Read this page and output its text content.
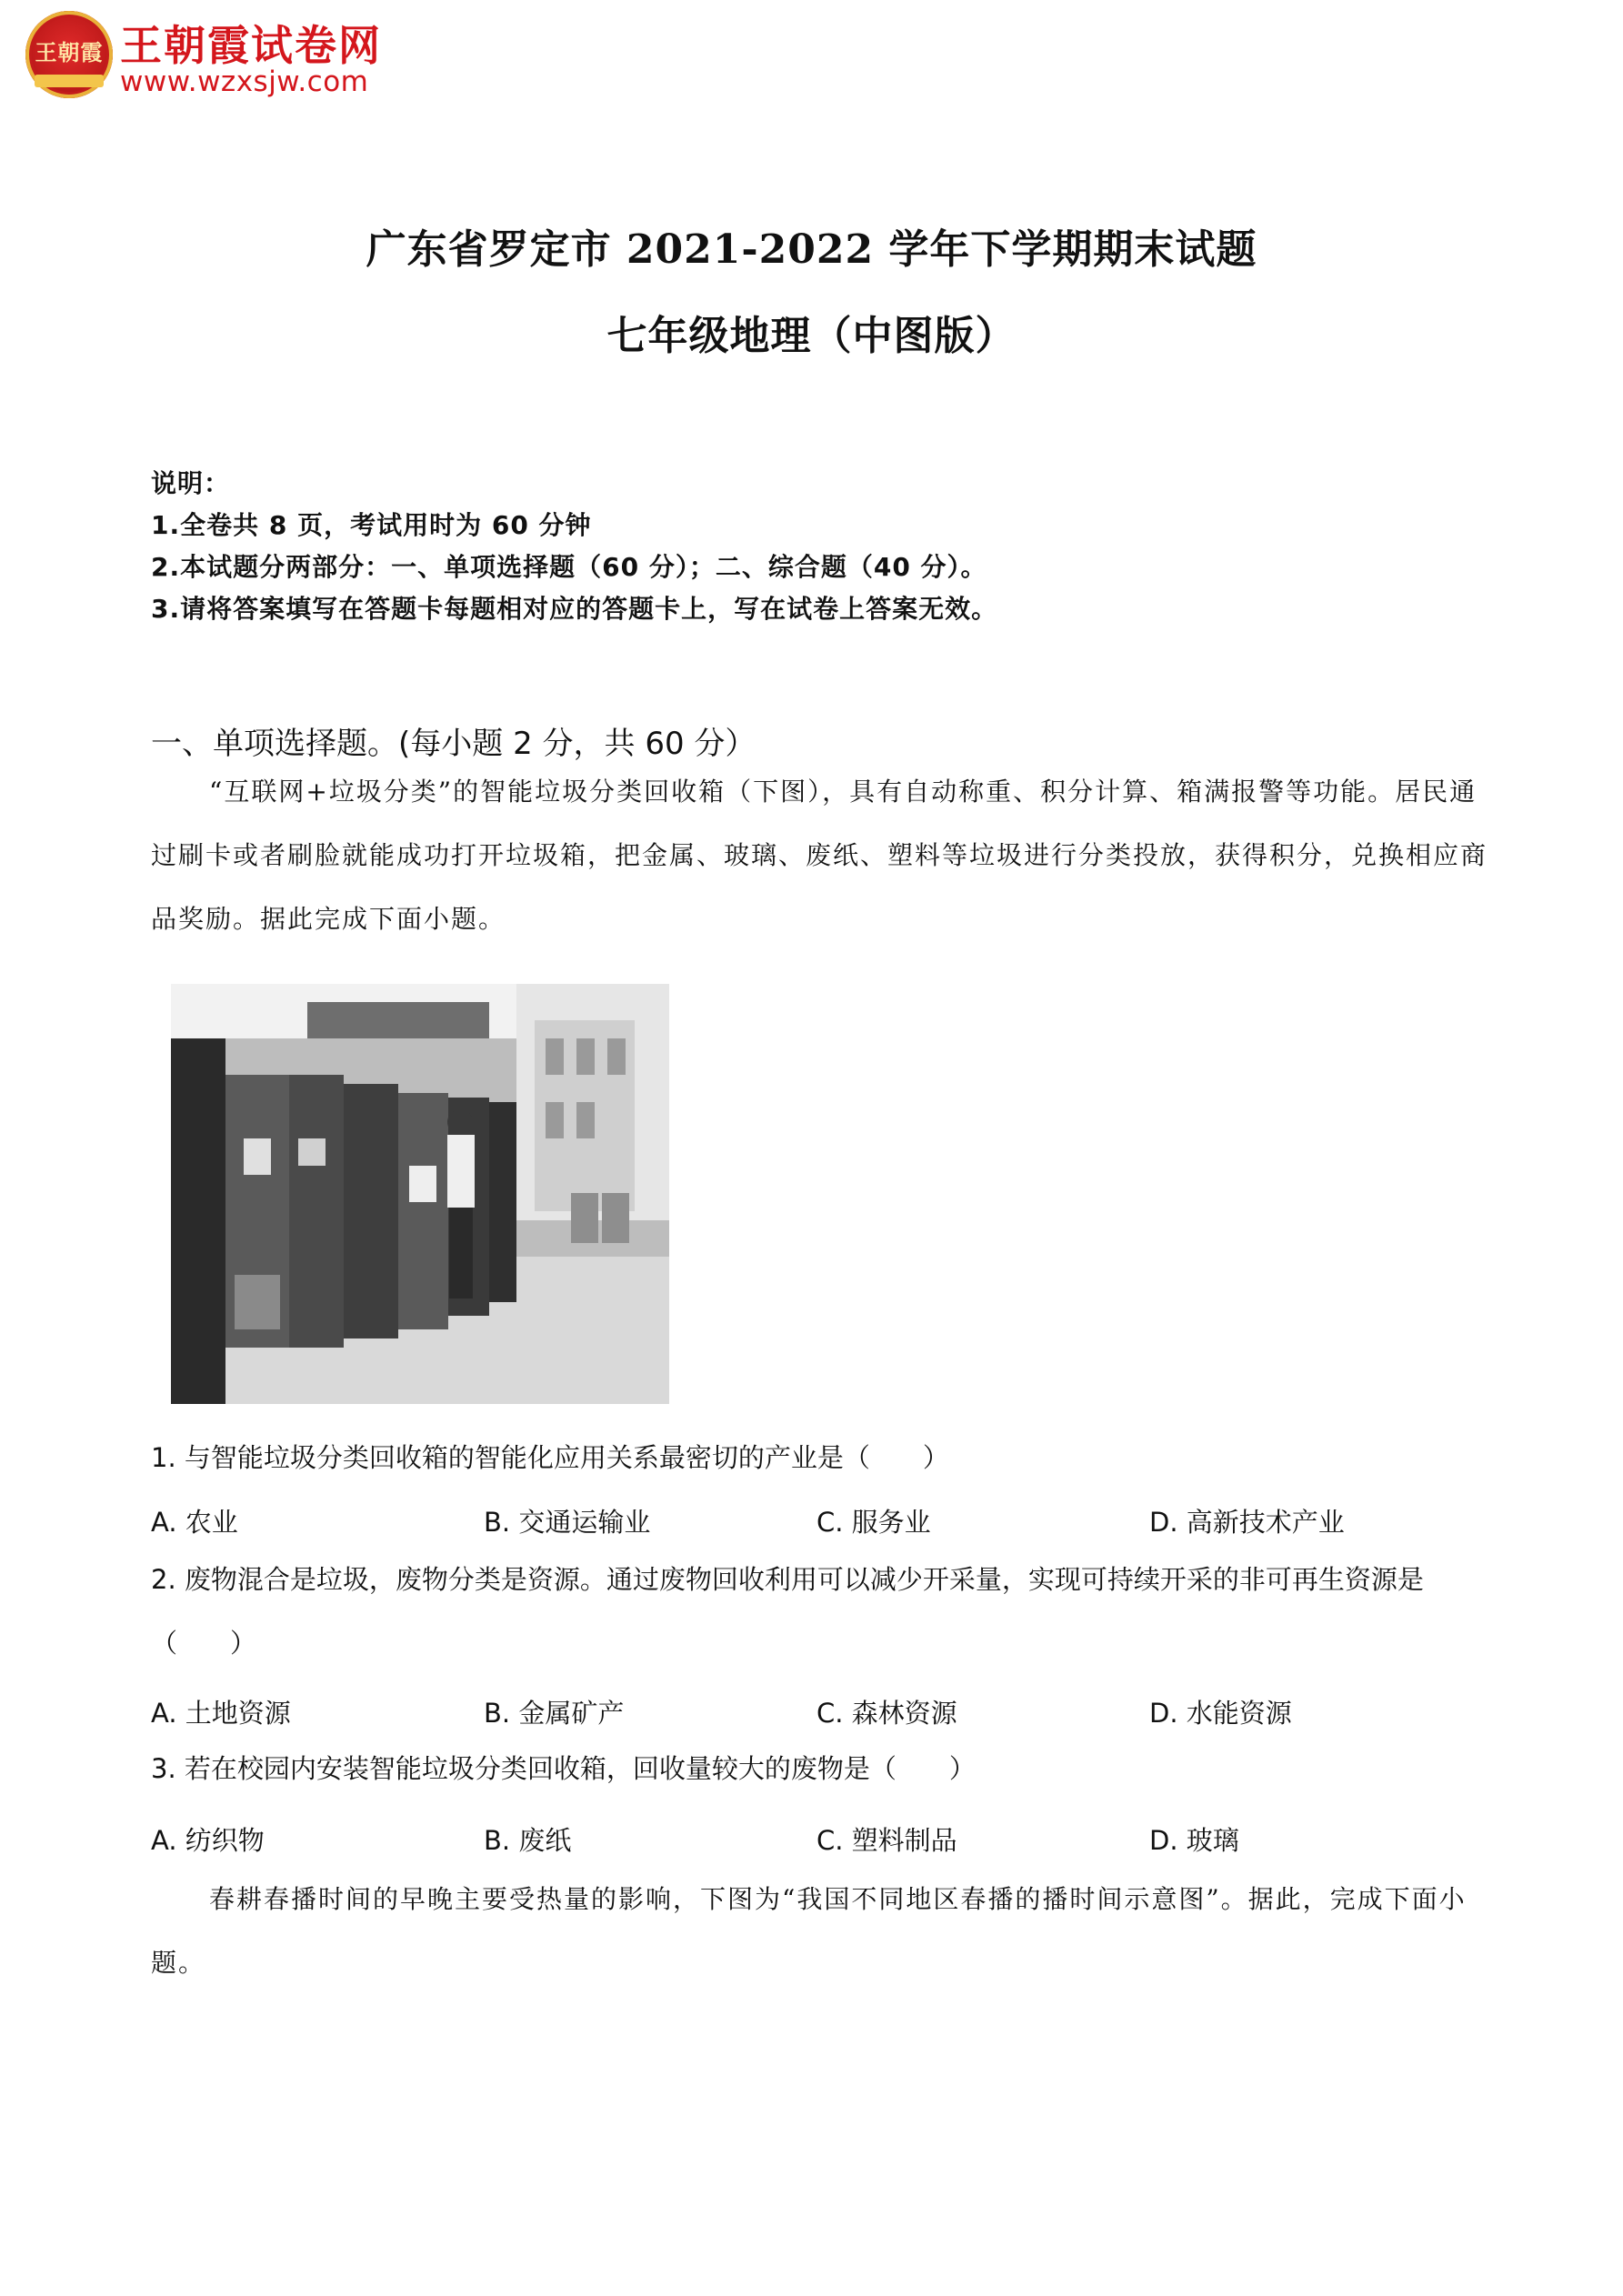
王朝霞 王朝霞试卷网
www.wzxsjw.com
广东省罗定市 2021-2022 学年下学期期末试题
七年级地理（中图版）
说明：
1.全卷共 8 页，考试用时为 60 分钟
2.本试题分两部分：一、单项选择题（60 分）；二、综合题（40 分）。
3.请将答案填写在答题卡每题相对应的答题卡上，写在试卷上答案无效。
一、单项选择题。(每小题 2 分，共 60 分）
“互联网+垃圾分类”的智能垃圾分类回收箱（下图），具有自动称重、积分计算、箱满报警等功能。居民通过刷卡或者刷脸就能成功打开垃圾箱，把金属、玻璃、废纸、塑料等垃圾进行分类投放，获得积分，兑换相应商品奖励。据此完成下面小题。
1. 与智能垃圾分类回收箱的智能化应用关系最密切的产业是（　　）
A. 农业	B. 交通运输业	C. 服务业	D. 高新技术产业
2. 废物混合是垃圾，废物分类是资源。通过废物回收利用可以减少开采量，实现可持续开采的非可再生资源是（　　）
A. 土地资源	B. 金属矿产	C. 森林资源	D. 水能资源
3. 若在校园内安装智能垃圾分类回收箱，回收量较大的废物是（　　）
A. 纺织物	B. 废纸	C. 塑料制品	D. 玻璃
春耕春播时间的早晚主要受热量的影响，下图为“我国不同地区春播的播时间示意图”。据此，完成下面小题。
